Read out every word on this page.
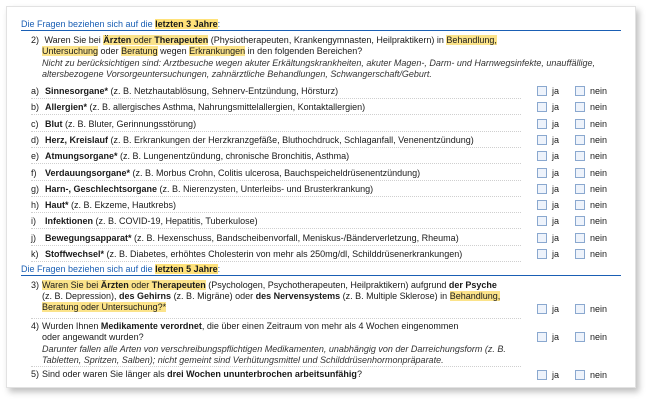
Die Fragen beziehen sich auf die letzten 3 Jahre:
2) Waren Sie bei Ärzten oder Therapeuten (Physiotherapeuten, Krankengymnasten, Heilpraktikern) in Behandlung,
Untersuchung oder Beratung wegen Erkrankungen in den folgenden Bereichen?
Nicht zu berücksichtigen sind: Arztbesuche wegen akuter Erkältungskrankheiten, akuter Magen-, Darm- und Harnwegsinfekte, unauffällige, altersbezogene Vorsorgeuntersuchungen, zahnärztliche Behandlungen, Schwangerschaft/Geburt.
Die Fragen beziehen sich auf die letzten 5 Jahre:
3) Waren Sie bei Ärzten oder Therapeuten (Psychologen, Psychotherapeuten, Heilpraktikern) aufgrund der Psyche
(z. B. Depression), des Gehirns (z. B. Migräne) oder des Nervensystems (z. B. Multiple Sklerose) in Behandlung,
Beratung oder Untersuchung?*	ja	nein
4) Wurden Ihnen Medikamente verordnet, die über einen Zeitraum von mehr als 4 Wochen eingenommen
oder angewandt wurden?	ja	nein
Darunter fallen alle Arten von verschreibungspflichtigen Medikamenten, unabhängig von der Darreichungsform (z. B. Tabletten, Spritzen, Salben); nicht gemeint sind Verhütungsmittel und Schilddrüsenhormonpräparate.
5) Sind oder waren Sie länger als drei Wochen ununterbrochen arbeitsunfähig?	ja	nein
a) Sinnesorgane* (z. B. Netzhautablösung, Sehnerv-Entzündung, Hörsturz)	ja	nein
b) Allergien* (z. B. allergisches Asthma, Nahrungsmittelallergien, Kontaktallergien)	ja	nein
c) Blut (z. B. Bluter, Gerinnungsstörung)	ja	nein
d) Herz, Kreislauf (z. B. Erkrankungen der Herzkranzgefäße, Bluthochdruck, Schlaganfall, Venenentzündung)	ja	nein
e) Atmungsorgane* (z. B. Lungenentzündung, chronische Bronchitis, Asthma)	ja	nein
f) Verdauungsorgane* (z. B. Morbus Crohn, Colitis ulcerosa, Bauchspeicheldrüsenentzündung)	ja	nein
g) Harn-, Geschlechtsorgane (z. B. Nierenzysten, Unterleibs- und Brusterkrankung)	ja	nein
h) Haut* (z. B. Ekzeme, Hautkrebs)	ja	nein
i)	Infektionen (z. B. COVID-19, Hepatitis, Tuberkulose)	ja	nein
j)	Bewegungsapparat* (z. B. Hexenschuss, Bandscheibenvorfall, Meniskus-/Bänderverletzung, Rheuma)	ja	nein
k) Stoffwechsel* (z. B. Diabetes, erhöhtes Cholesterin von mehr als 250mg/dl, Schilddrüsenerkrankungen)	ja	nein
